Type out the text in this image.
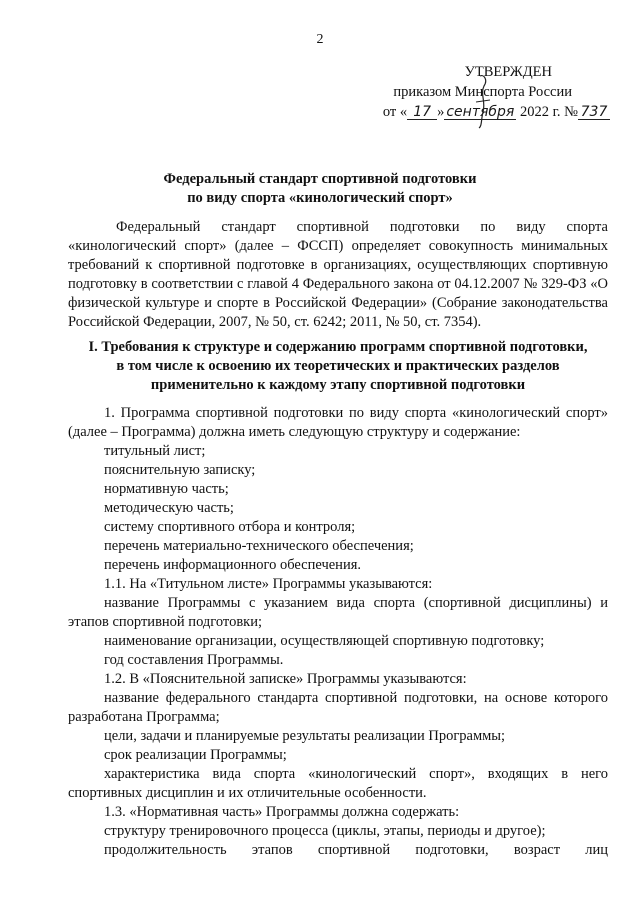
2
УТВЕРЖДЕН
приказом Минспорта России
от « 17 » сентября 2022 г. № 737
Федеральный стандарт спортивной подготовки
по виду спорта «кинологический спорт»
Федеральный стандарт спортивной подготовки по виду спорта «кинологический спорт» (далее – ФССП) определяет совокупность минимальных требований к спортивной подготовке в организациях, осуществляющих спортивную подготовку в соответствии с главой 4 Федерального закона от 04.12.2007 № 329-ФЗ «О физической культуре и спорте в Российской Федерации» (Собрание законодательства Российской Федерации, 2007, № 50, ст. 6242; 2011, № 50, ст. 7354).
I. Требования к структуре и содержанию программ спортивной подготовки,
в том числе к освоению их теоретических и практических разделов
применительно к каждому этапу спортивной подготовки

1. Программа спортивной подготовки по виду спорта «кинологический спорт» (далее – Программа) должна иметь следующую структуру и содержание:

титульный лист;

пояснительную записку;

нормативную часть;

методическую часть;

систему спортивного отбора и контроля;

перечень материально-технического обеспечения;

перечень информационного обеспечения.

1.1. На «Титульном листе» Программы указываются:

название Программы с указанием вида спорта (спортивной дисциплины) и этапов спортивной подготовки;

наименование организации, осуществляющей спортивную подготовку;

год составления Программы.

1.2. В «Пояснительной записке» Программы указываются:

название федерального стандарта спортивной подготовки, на основе которого разработана Программа;

цели, задачи и планируемые результаты реализации Программы;

срок реализации Программы;

характеристика вида спорта «кинологический спорт», входящих в него спортивных дисциплин и их отличительные особенности.

1.3. «Нормативная часть» Программы должна содержать:

структуру тренировочного процесса (циклы, этапы, периоды и другое);

продолжительность этапов спортивной подготовки, возраст лиц
